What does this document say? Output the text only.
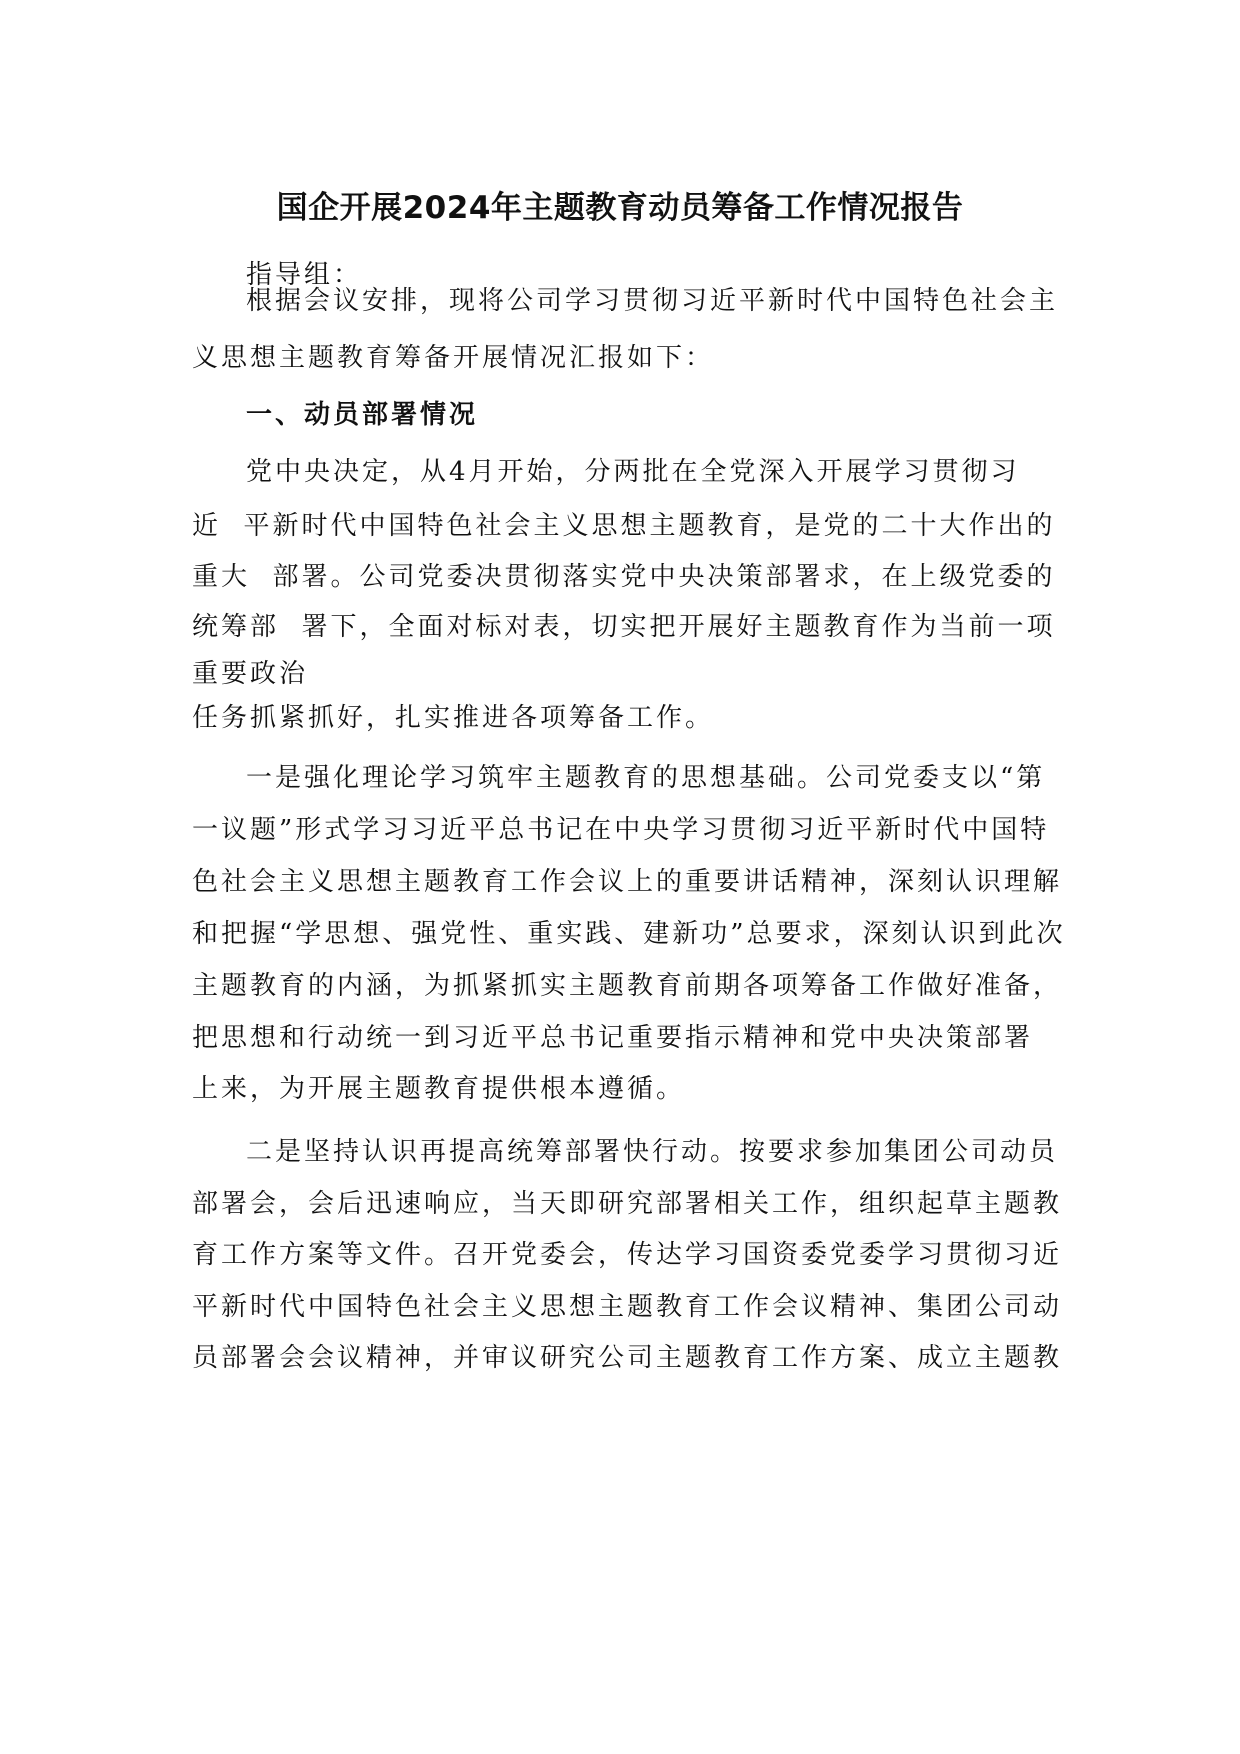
国企开展2024年主题教育动员筹备工作情况报告
指导组：
根据会议安排，现将公司学习贯彻习近平新时代中国特色社会主
义思想主题教育筹备开展情况汇报如下：
一、动员部署情况
党中央决定，从4月开始，分两批在全党深入开展学习贯彻习
近  平新时代中国特色社会主义思想主题教育，是党的二十大作出的
重大  部署。公司党委决贯彻落实党中央决策部署求，在上级党委的
统筹部  署下，全面对标对表，切实把开展好主题教育作为当前一项
重要政治
任务抓紧抓好，扎实推进各项筹备工作。
一是强化理论学习筑牢主题教育的思想基础。公司党委支以“第
一议题”形式学习习近平总书记在中央学习贯彻习近平新时代中国特
色社会主义思想主题教育工作会议上的重要讲话精神，深刻认识理解
和把握“学思想、强党性、重实践、建新功”总要求，深刻认识到此次
主题教育的内涵，为抓紧抓实主题教育前期各项筹备工作做好准备，
把思想和行动统一到习近平总书记重要指示精神和党中央决策部署
上来，为开展主题教育提供根本遵循。
二是坚持认识再提高统筹部署快行动。按要求参加集团公司动员
部署会，会后迅速响应，当天即研究部署相关工作，组织起草主题教
育工作方案等文件。召开党委会，传达学习国资委党委学习贯彻习近
平新时代中国特色社会主义思想主题教育工作会议精神、集团公司动
员部署会会议精神，并审议研究公司主题教育工作方案、成立主题教
